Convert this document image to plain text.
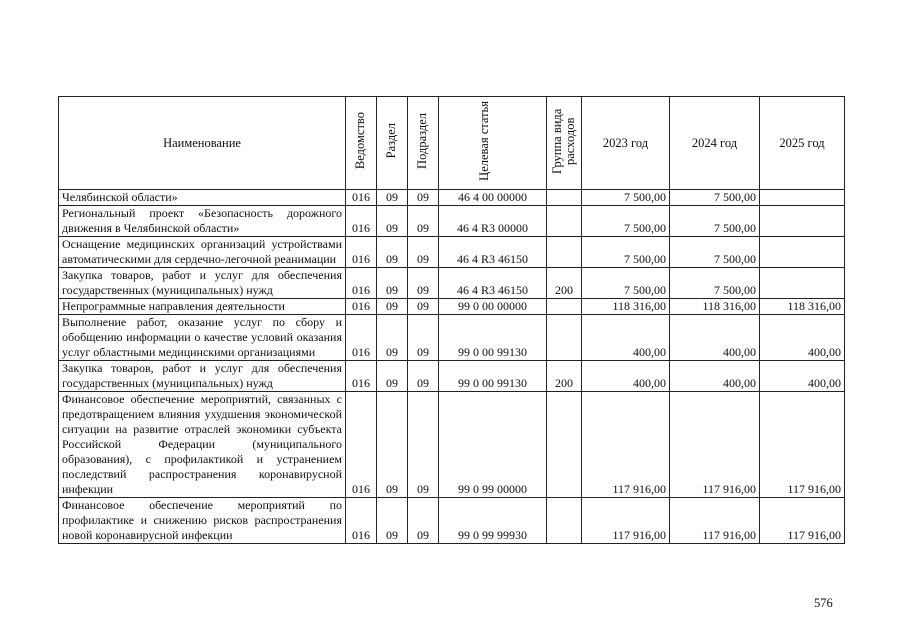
Наименование	Ведомство	Раздел	Подраздел	Целевая статья	Группа вида расходов	2023 год	2024 год	2025 год
Челябинской области»	016	09	09	46 4 00 00000		7 500,00	7 500,00	
Региональный проект «Безопасность дорожного движения в Челябинской области»	016	09	09	46 4 R3 00000		7 500,00	7 500,00	
Оснащение медицинских организаций устройствами автоматическими для сердечно-легочной реанимации	016	09	09	46 4 R3 46150		7 500,00	7 500,00	
Закупка товаров, работ и услуг для обеспечения государственных (муниципальных) нужд	016	09	09	46 4 R3 46150	200	7 500,00	7 500,00	
Непрограммные направления деятельности	016	09	09	99 0 00 00000		118 316,00	118 316,00	118 316,00
Выполнение работ, оказание услуг по сбору и обобщению информации о качестве условий оказания услуг областными медицинскими организациями	016	09	09	99 0 00 99130		400,00	400,00	400,00
Закупка товаров, работ и услуг для обеспечения государственных (муниципальных) нужд	016	09	09	99 0 00 99130	200	400,00	400,00	400,00
Финансовое обеспечение мероприятий, связанных с предотвращением влияния ухудшения экономической ситуации на развитие отраслей экономики субъекта Российской Федерации (муниципального образования), с профилактикой и устранением последствий распространения коронавирусной инфекции	016	09	09	99 0 99 00000		117 916,00	117 916,00	117 916,00
Финансовое обеспечение мероприятий по профилактике и снижению рисков распространения новой коронавирусной инфекции	016	09	09	99 0 99 99930		117 916,00	117 916,00	117 916,00
576
